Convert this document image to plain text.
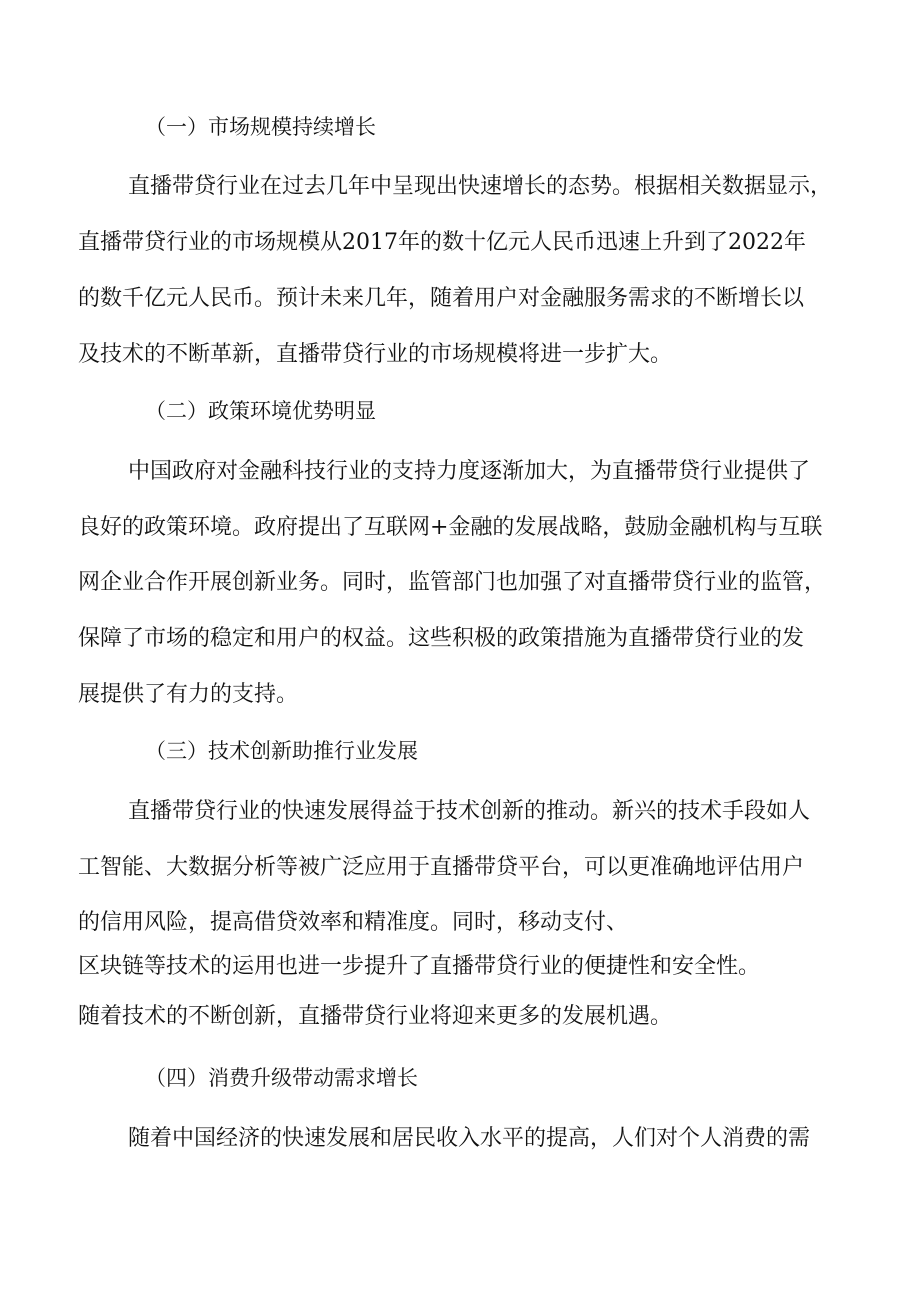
（一）市场规模持续增长
直播带贷行业在过去几年中呈现出快速增长的态势。根据相关数据显示，
直播带贷行业的市场规模从2017年的数十亿元人民币迅速上升到了2022年
的数千亿元人民币。预计未来几年，随着用户对金融服务需求的不断增长以
及技术的不断革新，直播带贷行业的市场规模将进一步扩大。
（二）政策环境优势明显
中国政府对金融科技行业的支持力度逐渐加大，为直播带贷行业提供了
良好的政策环境。政府提出了互联网+金融的发展战略，鼓励金融机构与互联
网企业合作开展创新业务。同时，监管部门也加强了对直播带贷行业的监管，
保障了市场的稳定和用户的权益。这些积极的政策措施为直播带贷行业的发
展提供了有力的支持。
（三）技术创新助推行业发展
直播带贷行业的快速发展得益于技术创新的推动。新兴的技术手段如人
工智能、大数据分析等被广泛应用于直播带贷平台，可以更准确地评估用户
的信用风险，提高借贷效率和精准度。同时，移动支付、
区块链等技术的运用也进一步提升了直播带贷行业的便捷性和安全性。
随着技术的不断创新，直播带贷行业将迎来更多的发展机遇。
（四）消费升级带动需求增长
随着中国经济的快速发展和居民收入水平的提高，人们对个人消费的需
